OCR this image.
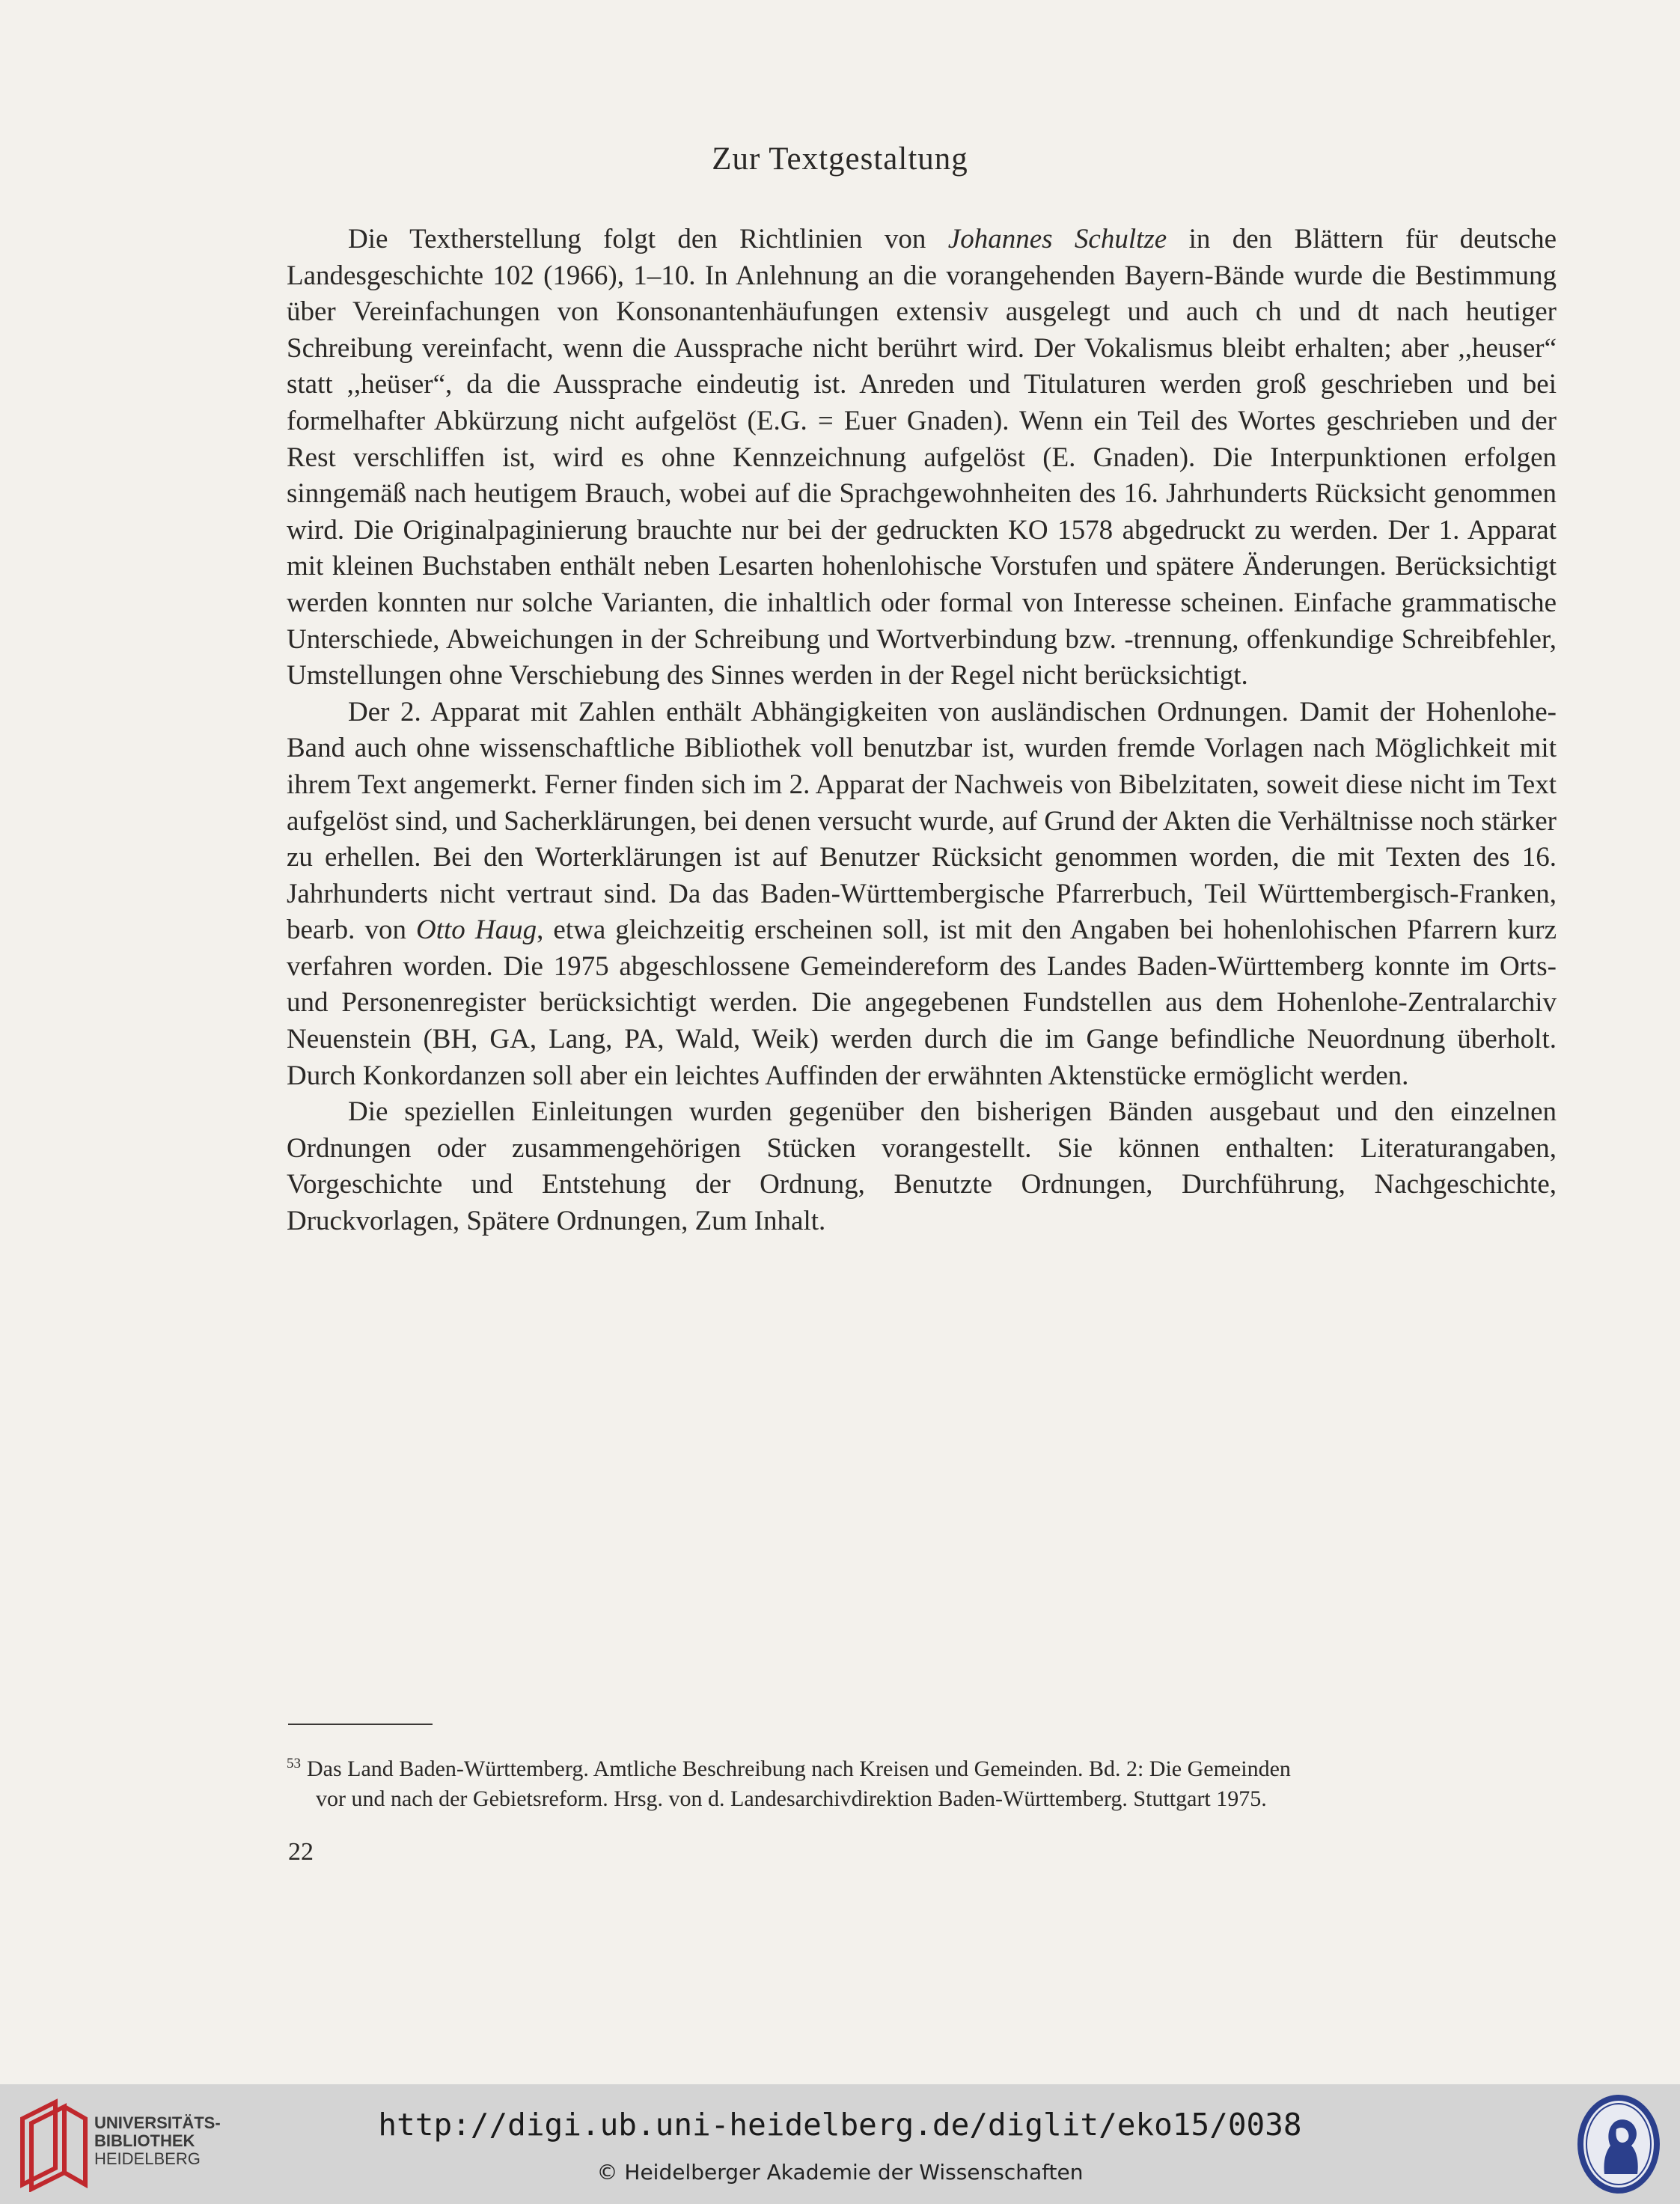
Zur Textgestaltung

Die Textherstellung folgt den Richtlinien von Johannes Schultze in den Blättern für deutsche Landesgeschichte 102 (1966), 1–10. In Anlehnung an die vorangehenden Bayern-Bände wurde die Bestimmung über Vereinfachungen von Konsonantenhäufungen extensiv ausgelegt und auch ch und dt nach heutiger Schreibung vereinfacht, wenn die Aussprache nicht berührt wird. Der Vokalismus bleibt erhalten; aber ,,heuser“ statt ,,heüser“, da die Aussprache eindeutig ist. Anreden und Titulaturen werden groß geschrieben und bei formelhafter Abkürzung nicht aufgelöst (E.G. = Euer Gnaden). Wenn ein Teil des Wortes geschrieben und der Rest verschliffen ist, wird es ohne Kennzeichnung aufgelöst (E. Gnaden). Die Interpunktionen erfolgen sinngemäß nach heutigem Brauch, wobei auf die Sprachgewohnheiten des 16. Jahrhunderts Rücksicht genommen wird. Die Originalpaginierung brauchte nur bei der gedruckten KO 1578 abgedruckt zu werden. Der 1. Apparat mit kleinen Buchstaben enthält neben Lesarten hohenlohische Vorstufen und spätere Änderungen. Berücksichtigt werden konnten nur solche Varianten, die inhaltlich oder formal von Interesse scheinen. Einfache grammatische Unterschiede, Abweichungen in der Schreibung und Wortverbindung bzw. -trennung, offenkundige Schreibfehler, Umstellungen ohne Verschiebung des Sinnes werden in der Regel nicht berücksichtigt.

Der 2. Apparat mit Zahlen enthält Abhängigkeiten von ausländischen Ordnungen. Damit der Hohenlohe-Band auch ohne wissenschaftliche Bibliothek voll benutzbar ist, wurden fremde Vorlagen nach Möglichkeit mit ihrem Text angemerkt. Ferner finden sich im 2. Apparat der Nachweis von Bibelzitaten, soweit diese nicht im Text aufgelöst sind, und Sacherklärungen, bei denen versucht wurde, auf Grund der Akten die Verhältnisse noch stärker zu erhellen. Bei den Worterklärungen ist auf Benutzer Rücksicht genommen worden, die mit Texten des 16. Jahrhunderts nicht vertraut sind. Da das Baden-Württembergische Pfarrerbuch, Teil Württembergisch-Franken, bearb. von Otto Haug, etwa gleichzeitig erscheinen soll, ist mit den Angaben bei hohenlohischen Pfarrern kurz verfahren worden. Die 1975 abgeschlossene Gemeindereform des Landes Baden-Württemberg konnte im Orts- und Personenregister berücksichtigt werden. Die angegebenen Fundstellen aus dem Hohenlohe-Zentralarchiv Neuenstein (BH, GA, Lang, PA, Wald, Weik) werden durch die im Gange befindliche Neuordnung überholt. Durch Konkordanzen soll aber ein leichtes Auffinden der erwähnten Aktenstücke ermöglicht werden.

Die speziellen Einleitungen wurden gegenüber den bisherigen Bänden ausgebaut und den einzelnen Ordnungen oder zusammengehörigen Stücken vorangestellt. Sie können enthalten: Literaturangaben, Vorgeschichte und Entstehung der Ordnung, Benutzte Ordnungen, Durchführung, Nachgeschichte, Druckvorlagen, Spätere Ordnungen, Zum Inhalt.

$^{53}$ Das Land Baden-Württemberg. Amtliche Beschreibung nach Kreisen und Gemeinden. Bd. 2: Die Gemeinden
vor und nach der Gebietsreform. Hrsg. von d. Landesarchivdirektion Baden-Württemberg. Stuttgart 1975.
22
UNIVERSITÄTS-
BIBLIOTHEK
HEIDELBERG
http://digi.ub.uni-heidelberg.de/diglit/eko15/0038
© Heidelberger Akademie der Wissenschaften
